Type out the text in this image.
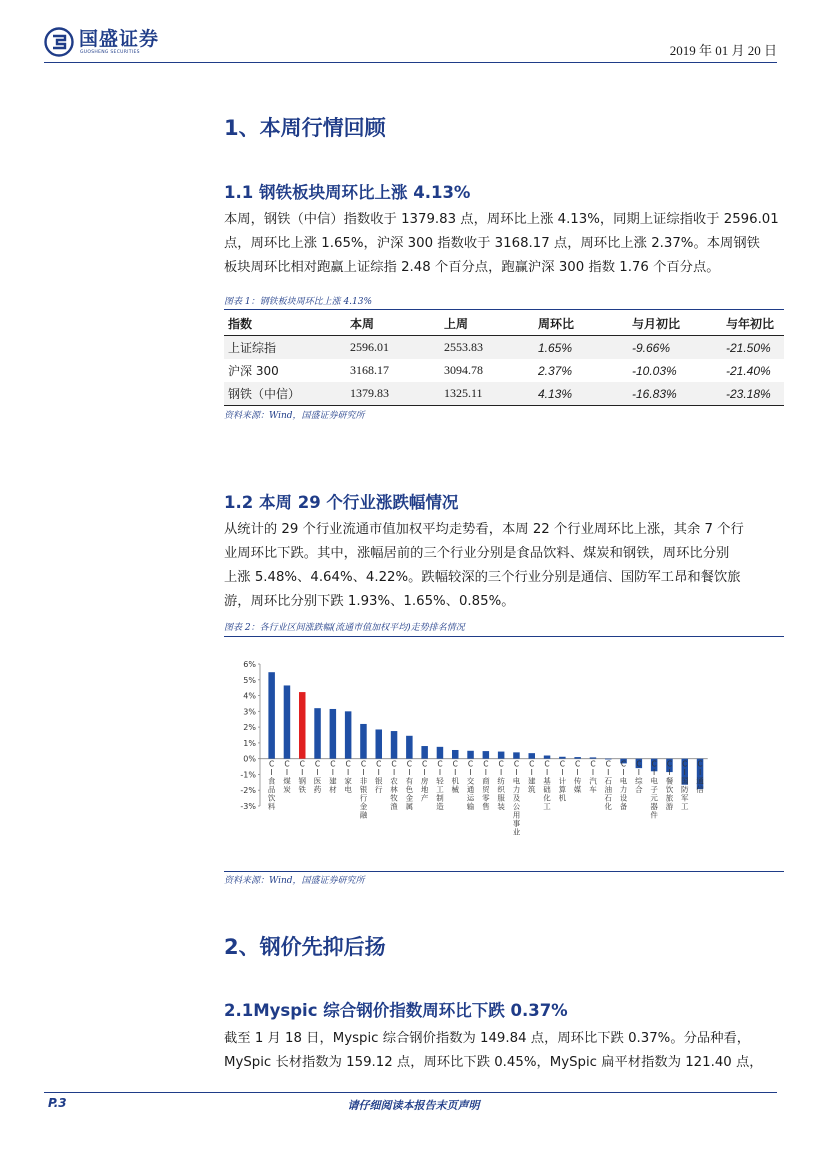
国盛证券
GUOSHENG SECURITIES	2019 年 01 月 20 日
1、本周行情回顾
1.1 钢铁板块周环比上涨 4.13%
本周，钢铁（中信）指数收于 1379.83 点，周环比上涨 4.13%，同期上证综指收于 2596.01
点，周环比上涨 1.65%，沪深 300 指数收于 3168.17 点，周环比上涨 2.37%。本周钢铁
板块周环比相对跑赢上证综指 2.48 个百分点，跑赢沪深 300 指数 1.76 个百分点。
图表 1：钢铁板块周环比上涨 4.13%
指数	本周	上周	周环比	与月初比	与年初比
上证综指	2596.01	2553.83	1.65%	-9.66%	-21.50%
沪深 300	3168.17	3094.78	2.37%	-10.03%	-21.40%
钢铁（中信）	1379.83	1325.11	4.13%	-16.83%	-23.18%
资料来源：Wind，国盛证券研究所
1.2 本周 29 个行业涨跌幅情况
从统计的 29 个行业流通市值加权平均走势看，本周 22 个行业周环比上涨，其余 7 个行
业周环比下跌。其中，涨幅居前的三个行业分别是食品饮料、煤炭和钢铁，周环比分别
上涨 5.48%、4.64%、4.22%。跌幅较深的三个行业分别是通信、国防军工昂和餐饮旅
游，周环比分别下跌 1.93%、1.65%、0.85%。
图表 2：各行业区间涨跌幅(流通市值加权平均)走势排名情况
6%
5%
4%
3%
2%
1%
0%
-1%
-2%
-3%
C I 食品饮料
C I 煤炭
C I 钢铁
C I 医药
C I 建材
C I 家电
C I 非银行金融
C I 银行
C I 农林牧渔
C I 有色金属
C I 房地产
C I 轻工制造
C I 机械
C I 交通运输
C I 商贸零售
C I 纺织服装
C I 电力及公用事业
C I 建筑
C I 基础化工
C I 计算机
C I 传媒
C I 汽车
C I 石油石化
C I 电力设备
C I 综合
C I 电子元器件
C I 餐饮旅游
C I 国防军工
C I 通信
资料来源：Wind，国盛证券研究所
2、钢价先抑后扬
2.1Myspic 综合钢价指数周环比下跌 0.37%
截至 1 月 18 日，Myspic 综合钢价指数为 149.84 点，周环比下跌 0.37%。分品种看，
MySpic 长材指数为 159.12 点，周环比下跌 0.45%，MySpic 扁平材指数为 121.40 点，
P.3	请仔细阅读本报告末页声明
